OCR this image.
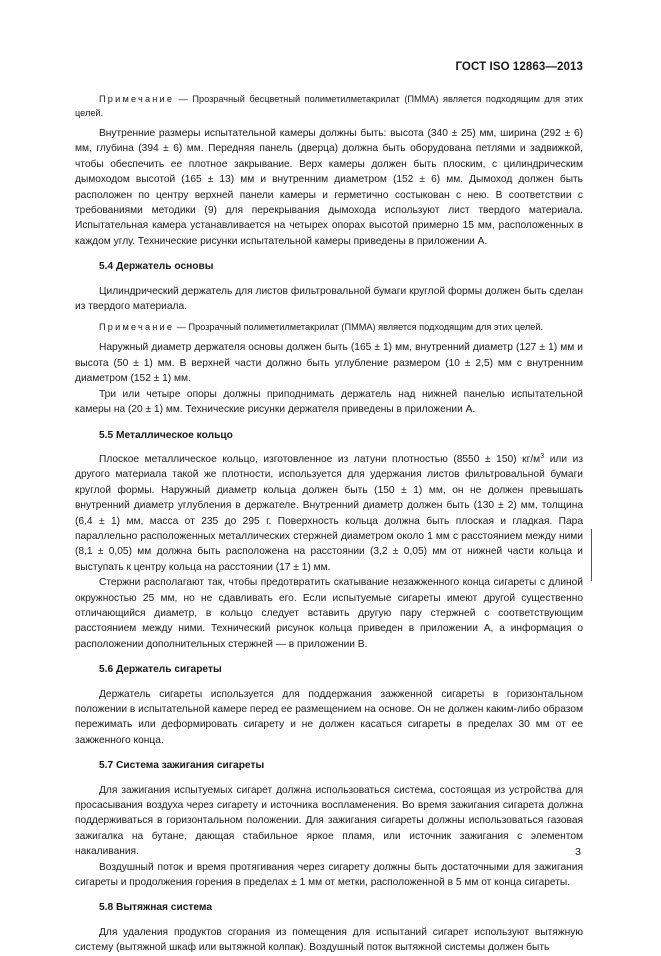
ГОСТ ISO 12863—2013

Примечание — Прозрачный бесцветный полиметилметакрилат (ПММА) является подходящим для этих целей.

Внутренние размеры испытательной камеры должны быть: высота (340 ± 25) мм, ширина (292 ± 6) мм, глубина (394 ± 6) мм. Передняя панель (дверца) должна быть оборудована петлями и задвижкой, чтобы обеспечить ее плотное закрывание. Верх камеры должен быть плоским, с цилиндрическим дымоходом высотой (165 ± 13) мм и внутренним диаметром (152 ± 6) мм. Дымоход должен быть расположен по центру верхней панели камеры и герметично состыкован с нею. В соответствии с требованиями методики (9) для перекрывания дымохода используют лист твердого материала. Испытательная камера устанавливается на четырех опорах высотой примерно 15 мм, расположенных в каждом углу. Технические рисунки испытательной камеры приведены в приложении А.

5.4 Держатель основы

Цилиндрический держатель для листов фильтровальной бумаги круглой формы должен быть сделан из твердого материала.

Примечание — Прозрачный полиметилметакрилат (ПММА) является подходящим для этих целей.

Наружный диаметр держателя основы должен быть (165 ± 1) мм, внутренний диаметр (127 ± 1) мм и высота (50 ± 1) мм. В верхней части должно быть углубление размером (10 ± 2,5) мм с внутренним диаметром (152 ± 1) мм.

Три или четыре опоры должны приподнимать держатель над нижней панелью испытательной камеры на (20 ± 1) мм. Технические рисунки держателя приведены в приложении А.

5.5 Металлическое кольцо

Плоское металлическое кольцо, изготовленное из латуни плотностью (8550 ± 150) $кг/м^3$ или из другого материала такой же плотности, используется для удержания листов фильтровальной бумаги круглой формы. Наружный диаметр кольца должен быть (150 ± 1) мм, он не должен превышать внутренний диаметр углубления в держателе. Внутренний диаметр должен быть (130 ± 2) мм, толщина (6,4 ± 1) мм, масса от 235 до 295 г. Поверхность кольца должна быть плоская и гладкая. Пара параллельно расположенных металлических стержней диаметром около 1 мм с расстоянием между ними (8,1 ± 0,05) мм должна быть расположена на расстоянии (3,2 ± 0,05) мм от нижней части кольца и выступать к центру кольца на расстоянии (17 ± 1) мм.

Стержни располагают так, чтобы предотвратить скатывание незажженного конца сигареты с длиной окружностью 25 мм, но не сдавливать его. Если испытуемые сигареты имеют другой существенно отличающийся диаметр, в кольцо следует вставить другую пару стержней с соответствующим расстоянием между ними. Технический рисунок кольца приведен в приложении А, а информация о расположении дополнительных стержней — в приложении В.

5.6 Держатель сигареты

Держатель сигареты используется для поддержания зажженной сигареты в горизонтальном положении в испытательной камере перед ее размещением на основе. Он не должен каким-либо образом пережимать или деформировать сигарету и не должен касаться сигареты в пределах 30 мм от ее зажженного конца.

5.7 Система зажигания сигареты

Для зажигания испытуемых сигарет должна использоваться система, состоящая из устройства для просасывания воздуха через сигарету и источника воспламенения. Во время зажигания сигарета должна поддерживаться в горизонтальном положении. Для зажигания сигареты должны использоваться газовая зажигалка на бутане, дающая стабильное яркое пламя, или источник зажигания с элементом накаливания.

Воздушный поток и время протягивания через сигарету должны быть достаточными для зажигания сигареты и продолжения горения в пределах ± 1 мм от метки, расположенной в 5 мм от конца сигареты.

5.8 Вытяжная система

Для удаления продуктов сгорания из помещения для испытаний сигарет используют вытяжную систему (вытяжной шкаф или вытяжной колпак). Воздушный поток вытяжной системы должен быть

3
